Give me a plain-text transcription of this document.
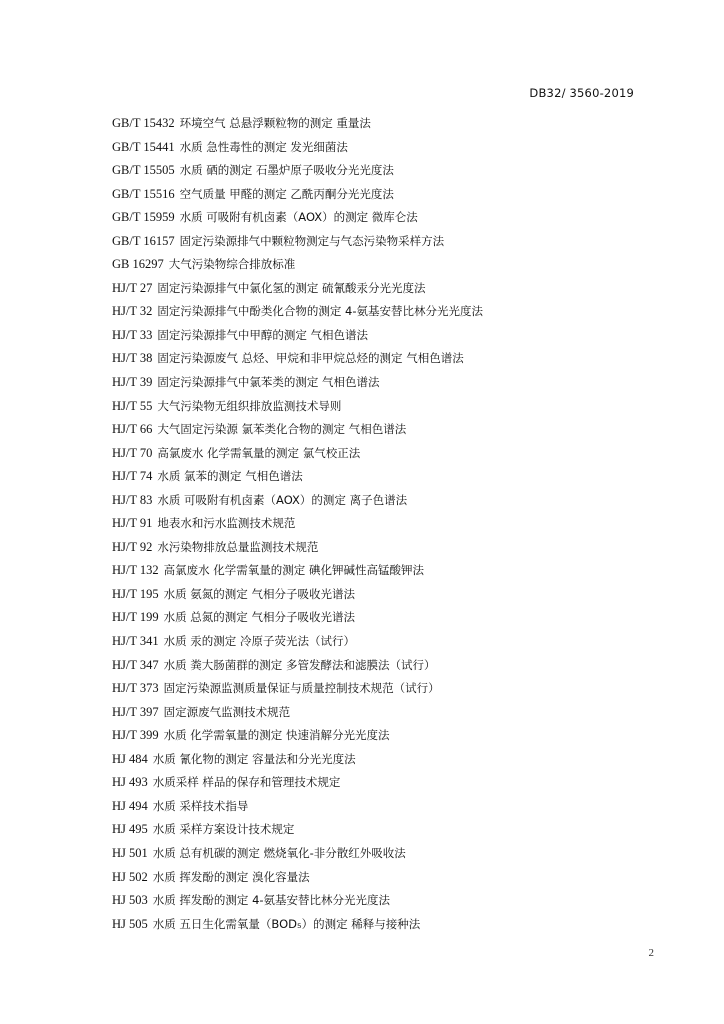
DB32/ 3560-2019
GB/T 15432 环境空气 总悬浮颗粒物的测定 重量法
GB/T 15441 水质 急性毒性的测定 发光细菌法
GB/T 15505 水质 硒的测定 石墨炉原子吸收分光光度法
GB/T 15516 空气质量 甲醛的测定 乙酰丙酮分光光度法
GB/T 15959 水质 可吸附有机卤素（AOX）的测定 微库仑法
GB/T 16157 固定污染源排气中颗粒物测定与气态污染物采样方法
GB 16297 大气污染物综合排放标准
HJ/T 27 固定污染源排气中氯化氢的测定 硫氰酸汞分光光度法
HJ/T 32 固定污染源排气中酚类化合物的测定 4-氨基安替比林分光光度法
HJ/T 33 固定污染源排气中甲醇的测定 气相色谱法
HJ/T 38 固定污染源废气 总烃、甲烷和非甲烷总烃的测定 气相色谱法
HJ/T 39 固定污染源排气中氯苯类的测定 气相色谱法
HJ/T 55 大气污染物无组织排放监测技术导则
HJ/T 66 大气固定污染源 氯苯类化合物的测定 气相色谱法
HJ/T 70 高氯废水 化学需氧量的测定 氯气校正法
HJ/T 74 水质 氯苯的测定 气相色谱法
HJ/T 83 水质 可吸附有机卤素（AOX）的测定 离子色谱法
HJ/T 91 地表水和污水监测技术规范
HJ/T 92 水污染物排放总量监测技术规范
HJ/T 132 高氯废水 化学需氧量的测定 碘化钾碱性高锰酸钾法
HJ/T 195 水质 氨氮的测定 气相分子吸收光谱法
HJ/T 199 水质 总氮的测定 气相分子吸收光谱法
HJ/T 341 水质 汞的测定 冷原子荧光法（试行）
HJ/T 347 水质 粪大肠菌群的测定 多管发酵法和滤膜法（试行）
HJ/T 373 固定污染源监测质量保证与质量控制技术规范（试行）
HJ/T 397 固定源废气监测技术规范
HJ/T 399 水质 化学需氧量的测定 快速消解分光光度法
HJ 484 水质 氰化物的测定 容量法和分光光度法
HJ 493 水质采样 样品的保存和管理技术规定
HJ 494 水质 采样技术指导
HJ 495 水质 采样方案设计技术规定
HJ 501 水质 总有机碳的测定 燃烧氧化-非分散红外吸收法
HJ 502 水质 挥发酚的测定 溴化容量法
HJ 503 水质 挥发酚的测定 4-氨基安替比林分光光度法
HJ 505 水质 五日生化需氧量（BOD₅）的测定 稀释与接种法
2
